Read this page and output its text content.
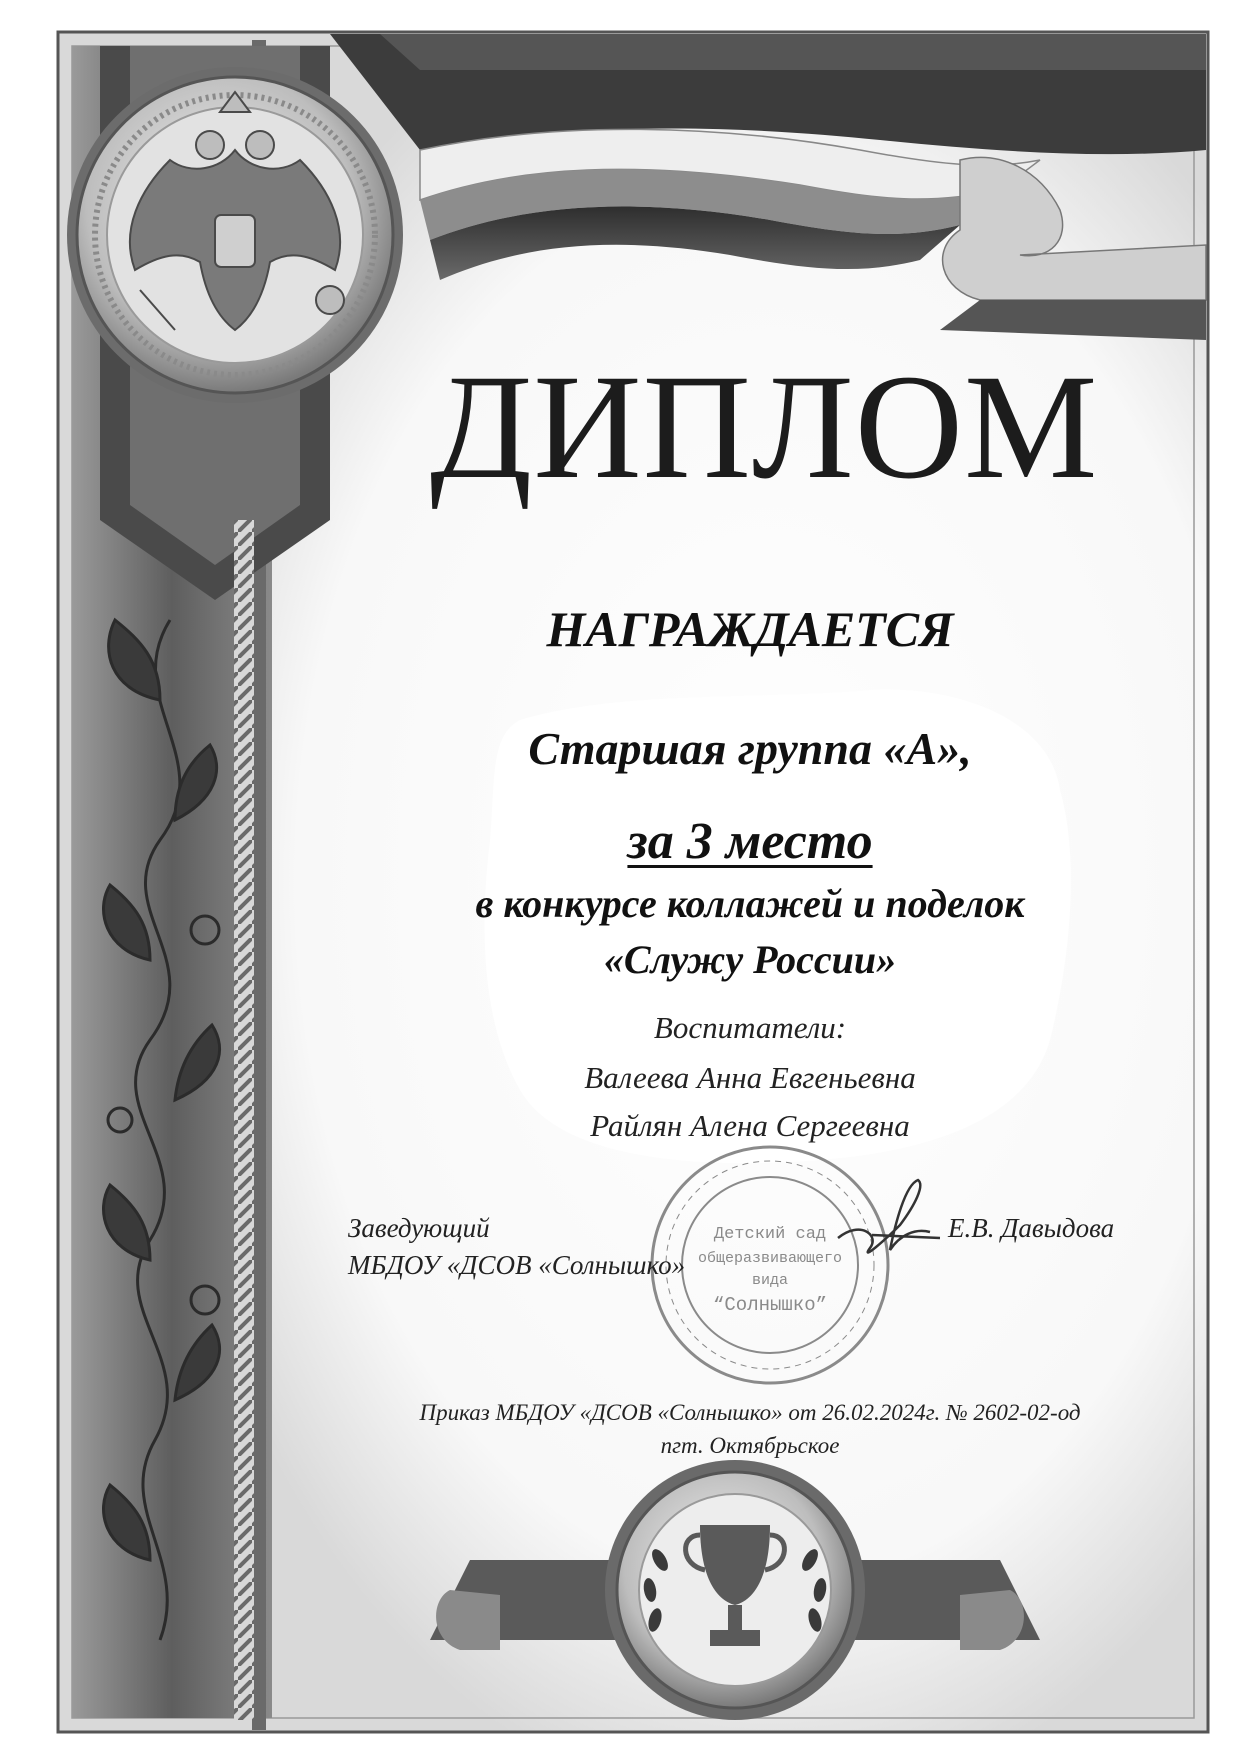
Детский сад
общеразвивающего
вида
“Солнышко”
ДИПЛОМ
НАГРАЖДАЕТСЯ
Старшая группа «А»,
за 3 место
в конкурсе коллажей и поделок
«Служу России»
Воспитатели:
Валеева Анна Евгеньевна
Райлян Алена Сергеевна
Заведующий
МБДОУ «ДСОВ «Солнышко»
Е.В. Давыдова
Приказ МБДОУ «ДСОВ «Солнышко» от 26.02.2024г. № 2602-02-од
пгт. Октябрьское
